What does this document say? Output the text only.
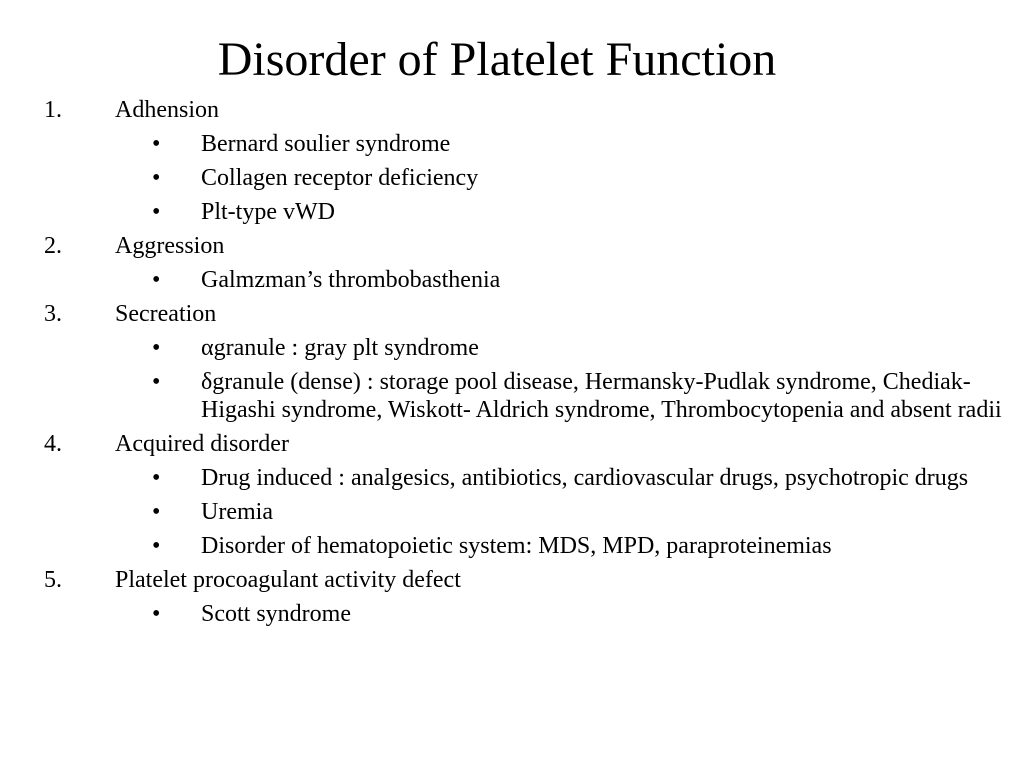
Disorder of Platelet Function
1. Adhension
• Bernard soulier syndrome
• Collagen receptor deficiency
• Plt-type vWD
2. Aggression
• Galmzman’s thrombobasthenia
3. Secreation
• αgranule : gray plt syndrome
• δgranule (dense) : storage pool disease, Hermansky-Pudlak syndrome, Chediak-Higashi syndrome, Wiskott- Aldrich syndrome, Thrombocytopenia and absent radii
4. Acquired disorder
• Drug induced : analgesics, antibiotics, cardiovascular drugs, psychotropic drugs
• Uremia
• Disorder of hematopoietic system: MDS, MPD, paraproteinemias
5. Platelet procoagulant activity defect
• Scott syndrome
